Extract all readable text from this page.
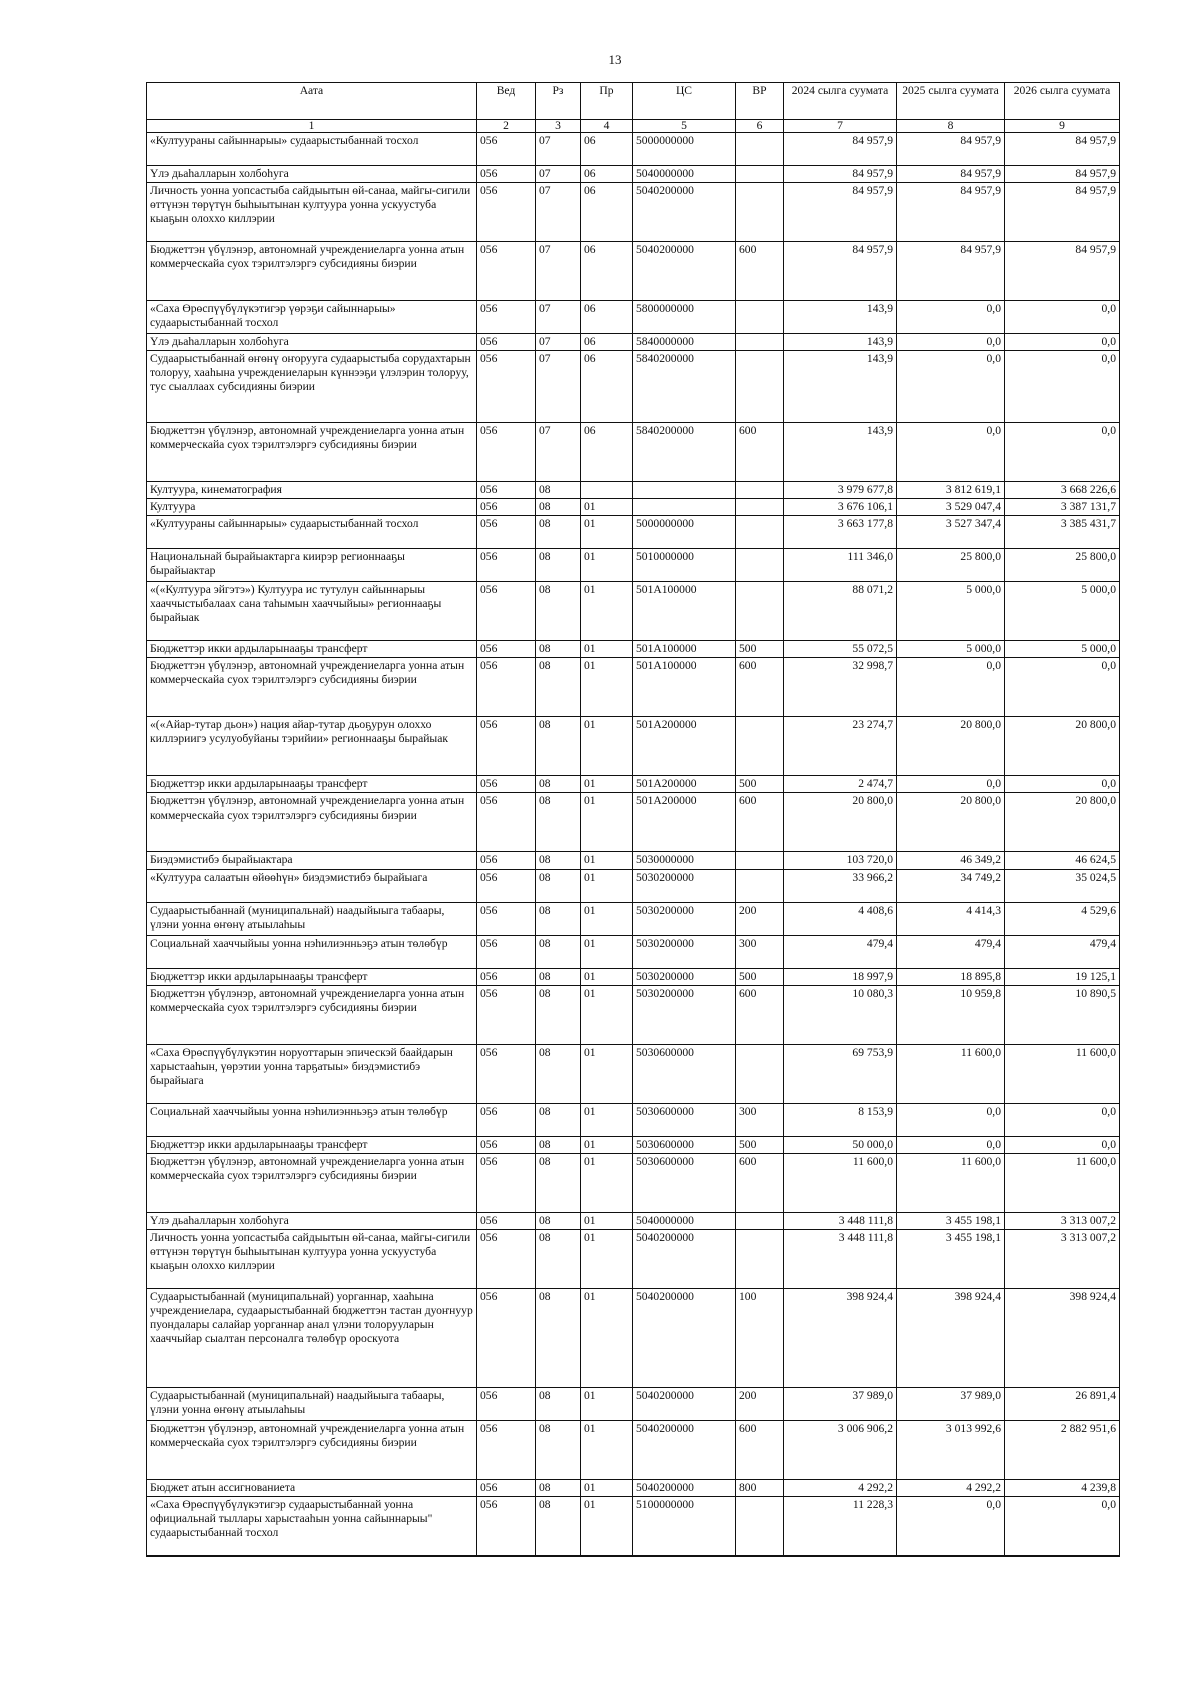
13
Аата	Вед	Рз	Пр	ЦС	ВР	2024 сылга суумата	2025 сылга суумата	2026 сылга суумата
1	2	3	4	5	6	7	8	9
«Култуураны сайыннарыы» судаарыстыбаннай тосхол	056	07	06	5000000000		84 957,9	84 957,9	84 957,9
Үлэ дьаһалларын холбоһуга	056	07	06	5040000000		84 957,9	84 957,9	84 957,9
Личность уонна уопсастыба сайдыытын өй-санаа, майгы-сигили өттүнэн төрүтүн быһыытынан култуура уонна ускуустуба кыаҕын олоххо киллэрии	056	07	06	5040200000		84 957,9	84 957,9	84 957,9
Бюджеттэн үбүлэнэр, автономнай учреждениеларга уонна атын коммерческайа суох тэрилтэлэргэ субсидияны биэрии	056	07	06	5040200000	600	84 957,9	84 957,9	84 957,9
«Саха Өрөспүүбүлүкэтигэр үөрэҕи сайыннарыы» судаарыстыбаннай тосхол	056	07	06	5800000000		143,9	0,0	0,0
Үлэ дьаһалларын холбоһуга	056	07	06	5840000000		143,9	0,0	0,0
Судаарыстыбаннай өҥөнү оҥорууга судаарыстыба сорудахтарын толоруу, хааһына учреждениеларын күннээҕи үлэлэрин толоруу, тус сыаллаах субсидияны биэрии	056	07	06	5840200000		143,9	0,0	0,0
Бюджеттэн үбүлэнэр, автономнай учреждениеларга уонна атын коммерческайа суох тэрилтэлэргэ субсидияны биэрии	056	07	06	5840200000	600	143,9	0,0	0,0
Култуура, кинематография	056	08				3 979 677,8	3 812 619,1	3 668 226,6
Култуура	056	08	01			3 676 106,1	3 529 047,4	3 387 131,7
«Култуураны сайыннарыы» судаарыстыбаннай тосхол	056	08	01	5000000000		3 663 177,8	3 527 347,4	3 385 431,7
Национальнай бырайыактарга киирэр регионнааҕы бырайыактар	056	08	01	5010000000		111 346,0	25 800,0	25 800,0
«(«Култуура эйгэтэ») Култуура ис тутулун сайыннарыы хааччыстыбалаах сана таһымын хааччыйыы» регионнааҕы бырайыак	056	08	01	501А100000		88 071,2	5 000,0	5 000,0
Бюджеттэр икки ардыларынааҕы трансферт	056	08	01	501А100000	500	55 072,5	5 000,0	5 000,0
Бюджеттэн үбүлэнэр, автономнай учреждениеларга уонна атын коммерческайа суох тэрилтэлэргэ субсидияны биэрии	056	08	01	501А100000	600	32 998,7	0,0	0,0
«(«Айар-тутар дьон») нация айар-тутар дьоҕурун олоххо киллэриигэ усулуобуйаны тэрийии» регионнааҕы бырайыак	056	08	01	501А200000		23 274,7	20 800,0	20 800,0
Бюджеттэр икки ардыларынааҕы трансферт	056	08	01	501А200000	500	2 474,7	0,0	0,0
Бюджеттэн үбүлэнэр, автономнай учреждениеларга уонна атын коммерческайа суох тэрилтэлэргэ субсидияны биэрии	056	08	01	501А200000	600	20 800,0	20 800,0	20 800,0
Биэдэмистибэ бырайыактара	056	08	01	5030000000		103 720,0	46 349,2	46 624,5
«Култуура салаатын өйөөһүн» биэдэмистибэ бырайыага	056	08	01	5030200000		33 966,2	34 749,2	35 024,5
Судаарыстыбаннай (муниципальнай) наадыйыыга табаары, үлэни уонна өҥөнү атыылаһыы	056	08	01	5030200000	200	4 408,6	4 414,3	4 529,6
Социальнай хааччыйыы уонна нэһилиэнньэҕэ атын төлөбүр	056	08	01	5030200000	300	479,4	479,4	479,4
Бюджеттэр икки ардыларынааҕы трансферт	056	08	01	5030200000	500	18 997,9	18 895,8	19 125,1
Бюджеттэн үбүлэнэр, автономнай учреждениеларга уонна атын коммерческайа суох тэрилтэлэргэ субсидияны биэрии	056	08	01	5030200000	600	10 080,3	10 959,8	10 890,5
«Саха Өрөспүүбүлүкэтин норуоттарын эпическэй баайдарын харыстааһын, үөрэтии уонна тарҕатыы» биэдэмистибэ бырайыага	056	08	01	5030600000		69 753,9	11 600,0	11 600,0
Социальнай хааччыйыы уонна нэһилиэнньэҕэ атын төлөбүр	056	08	01	5030600000	300	8 153,9	0,0	0,0
Бюджеттэр икки ардыларынааҕы трансферт	056	08	01	5030600000	500	50 000,0	0,0	0,0
Бюджеттэн үбүлэнэр, автономнай учреждениеларга уонна атын коммерческайа суох тэрилтэлэргэ субсидияны биэрии	056	08	01	5030600000	600	11 600,0	11 600,0	11 600,0
Үлэ дьаһалларын холбоһуга	056	08	01	5040000000		3 448 111,8	3 455 198,1	3 313 007,2
Личность уонна уопсастыба сайдыытын өй-санаа, майгы-сигили өттүнэн төрүтүн быһыытынан култуура уонна ускуустуба кыаҕын олоххо киллэрии	056	08	01	5040200000		3 448 111,8	3 455 198,1	3 313 007,2
Судаарыстыбаннай (муниципальнай) уорганнар, хааһына учреждениелара, судаарыстыбаннай бюджеттэн тастан дуоҥнуур пуондалары салайар уорганнар анал үлэни толорууларын хааччыйар сыалтан персоналга төлөбүр ороскуота	056	08	01	5040200000	100	398 924,4	398 924,4	398 924,4
Судаарыстыбаннай (муниципальнай) наадыйыыга табаары, үлэни уонна өҥөнү атыылаһыы	056	08	01	5040200000	200	37 989,0	37 989,0	26 891,4
Бюджеттэн үбүлэнэр, автономнай учреждениеларга уонна атын коммерческайа суох тэрилтэлэргэ субсидияны биэрии	056	08	01	5040200000	600	3 006 906,2	3 013 992,6	2 882 951,6
Бюджет атын ассигнованиета	056	08	01	5040200000	800	4 292,2	4 292,2	4 239,8
«Саха Өрөспүүбүлүкэтигэр судаарыстыбаннай уонна официальнай тыллары харыстааһын уонна сайыннарыы" судаарыстыбаннай тосхол	056	08	01	5100000000		11 228,3	0,0	0,0
